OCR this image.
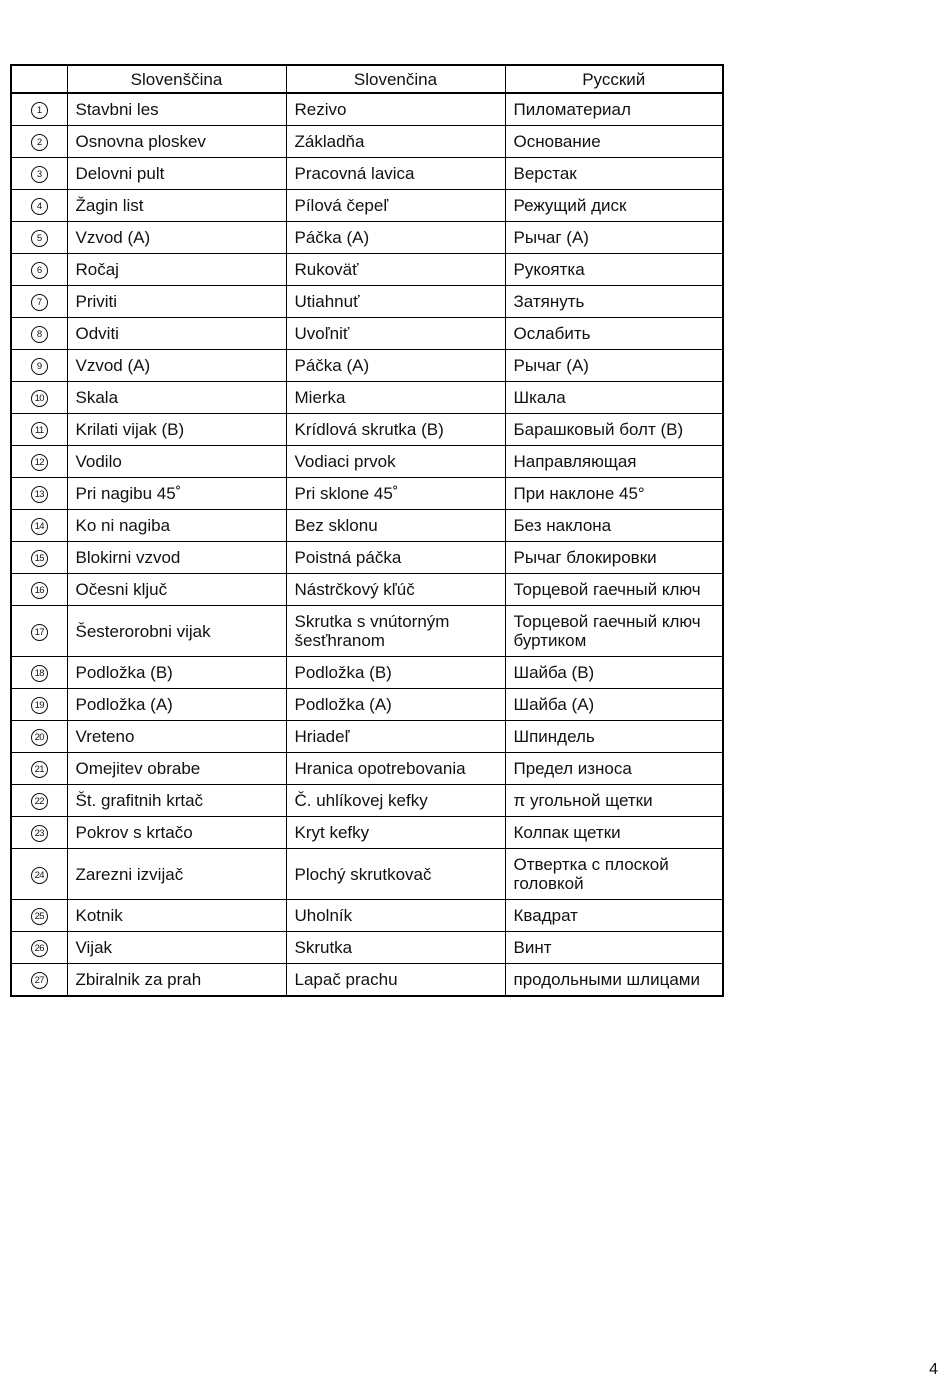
	Slovenščina	Slovenčina	Русский
1	Stavbni les	Rezivo	Пиломатериал
2	Osnovna ploskev	Základňa	Основание
3	Delovni pult	Pracovná lavica	Верстак
4	Žagin list	Pílová čepeľ	Режущий диск
5	Vzvod (A)	Páčka (A)	Рычаг (A)
6	Ročaj	Rukoväť	Рукоятка
7	Priviti	Utiahnuť	Затянуть
8	Odviti	Uvoľniť	Ослабить
9	Vzvod (A)	Páčka (A)	Рычаг (A)
10	Skala	Mierka	Шкала
11	Krilati vijak (B)	Krídlová skrutka (B)	Барашковый болт (B)
12	Vodilo	Vodiaci prvok	Направляющая
13	Pri nagibu 45˚	Pri sklone 45˚	При наклоне 45°
14	Ko ni nagiba	Bez sklonu	Без наклона
15	Blokirni vzvod	Poistná páčka	Рычаг блокировки
16	Očesni ključ	Nástrčkový kľúč	Торцевой гаечный ключ
17	Šesterorobni vijak	Skrutka s vnútorným šesťhranom	Торцевой гаечный ключ буртиком
18	Podložka (B)	Podložka (B)	Шайба (B)
19	Podložka (A)	Podložka (A)	Шайба (A)
20	Vreteno	Hriadeľ	Шпиндель
21	Omejitev obrabe	Hranica opotrebovania	Предел износа
22	Št. grafitnih krtač	Č. uhlíkovej kefky	π угольной щетки
23	Pokrov s krtačo	Kryt kefky	Колпак щетки
24	Zarezni izvijač	Plochý skrutkovač	Отвертка с плоской головкой
25	Kotnik	Uholník	Квадрат
26	Vijak	Skrutka	Винт
27	Zbiralnik za prah	Lapač prachu	продольными шлицами
4
